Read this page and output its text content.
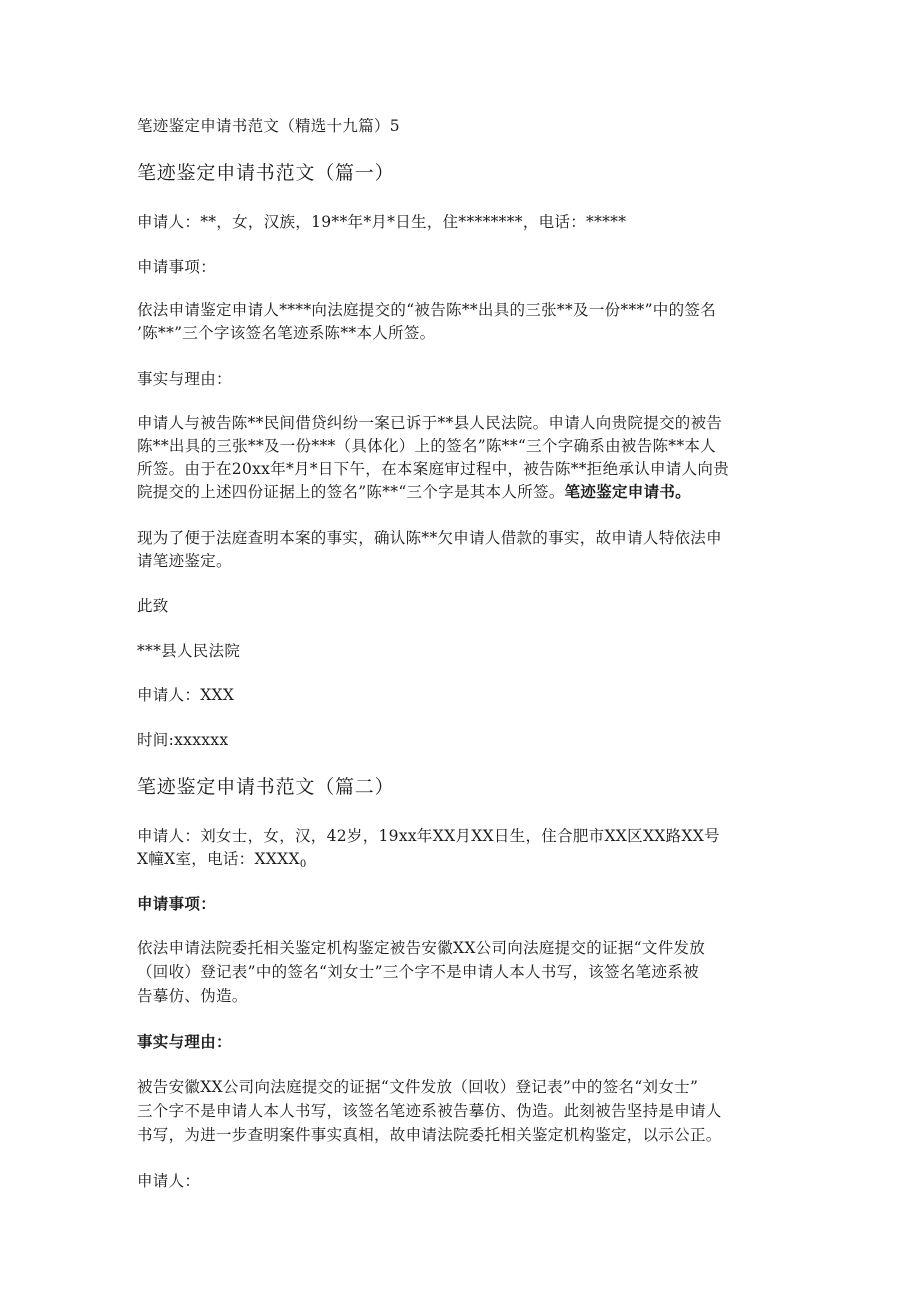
笔迹鉴定申请书范文（精选十九篇）5
笔迹鉴定申请书范文（篇一）
申请人：**，女，汉族，19**年*月*日生，住********，电话：*****
申请事项：
依法申请鉴定申请人****向法庭提交的“被告陈**出具的三张**及一份***”中的签名
’陈**”三个字该签名笔迹系陈**本人所签。
事实与理由：
申请人与被告陈**民间借贷纠纷一案已诉于**县人民法院。申请人向贵院提交的被告
陈**出具的三张**及一份***（具体化）上的签名”陈**“三个字确系由被告陈**本人
所签。由于在20xx年*月*日下午，在本案庭审过程中，被告陈**拒绝承认申请人向贵
院提交的上述四份证据上的签名”陈**“三个字是其本人所签。笔迹鉴定申请书。
现为了便于法庭查明本案的事实，确认陈**欠申请人借款的事实，故申请人特依法申
请笔迹鉴定。
此致
***县人民法院
申请人：XXX
时间:xxxxxx
笔迹鉴定申请书范文（篇二）
申请人：刘女士，女，汉，42岁，19xx年XX月XX日生，住合肥市XX区XX路XX号
X幢X室，电话：$XXXX_0$
申请事项：
依法申请法院委托相关鉴定机构鉴定被告安徽XX公司向法庭提交的证据“文件发放
（回收）登记表”中的签名“刘女士”三个字不是申请人本人书写，该签名笔迹系被
告摹仿、伪造。
事实与理由：
被告安徽XX公司向法庭提交的证据“文件发放（回收）登记表”中的签名“刘女士”
三个字不是申请人本人书写，该签名笔迹系被告摹仿、伪造。此刻被告坚持是申请人
书写，为进一步查明案件事实真相，故申请法院委托相关鉴定机构鉴定，以示公正。
申请人：
